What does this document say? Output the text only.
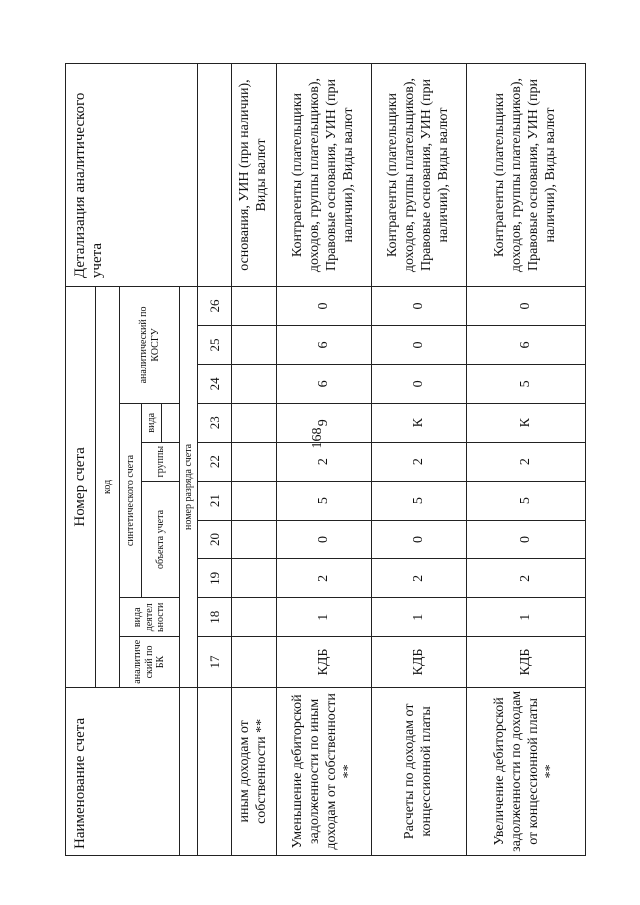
168
Наименование счета	Номер счета										Детализация аналитического учета
	код										
	аналитиче ский по БК	вида деятел ьности	синтетического счета					аналитический по КОСГУ			
			объекта учета			группы	вида				

	номер разряда счета										
	17	18	19	20	21	22	23	24	25	26	
иным доходам от собственности **											основания, УИН (при наличии), Виды валют
Уменьшение дебиторской задолженности по иным доходам от собственности **	КДБ	1	2	0	5	2	9	6	6	0	Контрагенты (плательщики доходов, группы плательщиков), Правовые основания, УИН (при наличии), Виды валют
Расчеты по доходам от концессионной платы	КДБ	1	2	0	5	2	К	0	0	0	Контрагенты (плательщики доходов, группы плательщиков), Правовые основания, УИН (при наличии), Виды валют
Увеличение дебиторской задолженности по доходам от концессионной платы **	КДБ	1	2	0	5	2	К	5	6	0	Контрагенты (плательщики доходов, группы плательщиков), Правовые основания, УИН (при наличии), Виды валют
